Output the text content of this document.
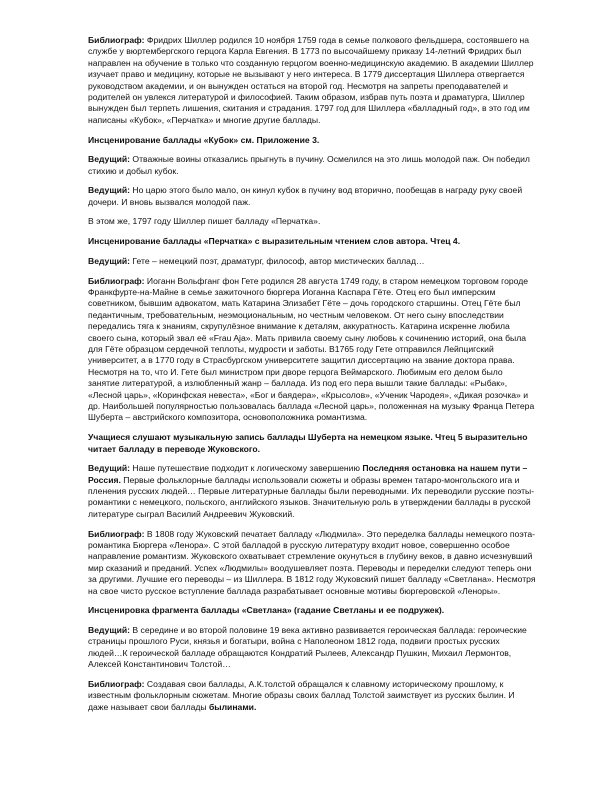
Библиограф: Фридрих Шиллер родился 10 ноября 1759 года в семье полкового фельдшера, состоявшего на службе у вюртембергского герцога Карла Евгения. В 1773 по высочайшему приказу 14-летний Фридрих был направлен на обучение в только что созданную герцогом военно-медицинскую академию. В академии Шиллер изучает право и медицину, которые не вызывают у него интереса. В 1779 диссертация Шиллера отвергается руководством академии, и он вынужден остаться на второй год. Несмотря на запреты преподавателей и родителей он увлекся литературой и философией. Таким образом, избрав путь поэта и драматурга, Шиллер вынужден был терпеть лишения, скитания и страдания. 1797 год для Шиллера «балладный год», в это год им написаны «Кубок», «Перчатка» и многие другие баллады.

Инсценирование баллады «Кубок» см. Приложение 3.

Ведущий: Отважные воины отказались прыгнуть в пучину. Осмелился на это лишь молодой паж. Он победил стихию и добыл кубок.

Ведущий: Но царю этого было мало, он кинул кубок в пучину вод вторично, пообещав в награду руку своей дочери. И вновь вызвался молодой паж.

В этом же, 1797 году Шиллер пишет балладу «Перчатка».

Инсценирование баллады «Перчатка» с выразительным чтением слов автора. Чтец 4.

Ведущий: Гете – немецкий поэт, драматург, философ, автор мистических баллад…

Библиограф: Иоганн Вольфганг фон Гете родился 28 августа 1749 году, в старом немецком торговом городе Франкфурте-на-Майне в семье зажиточного бюргера Иоганна Каспара Гёте. Отец его был имперским советником, бывшим адвокатом, мать Катарина Элизабет Гёте – дочь городского старшины. Отец Гёте был педантичным, требовательным, неэмоциональным, но честным человеком. От него сыну впоследствии передались тяга к знаниям, скрупулёзное внимание к деталям, аккуратность. Катарина искренне любила своего сына, который звал её «Frau Aja». Мать привила своему сыну любовь к сочинению историй, она была для Гёте образцом сердечной теплоты, мудрости и заботы. В1765 году Гете отправился Лейпцигский университет, а в 1770 году в Страсбургском университете защитил диссертацию на звание доктора права. Несмотря на то, что И. Гете был министром при дворе герцога Веймарского. Любимым его делом было занятие литературой, а излюбленный жанр – баллада. Из под его пера вышли такие баллады: «Рыбак», «Лесной царь», «Коринфская невеста», «Бог и баядера», «Крысолов», «Ученик Чародея», «Дикая розочка» и др. Наибольшей популярностью пользовалась баллада «Лесной царь», положенная на музыку Франца Петера Шуберта – австрийского композитора, основоположника романтизма.

Учащиеся слушают музыкальную запись баллады Шуберта на немецком языке. Чтец 5 выразительно читает балладу в переводе Жуковского.

Ведущий: Наше путешествие подходит к логическому завершению Последняя остановка на нашем пути – Россия. Первые фольклорные баллады использовали сюжеты и образы времен татаро-монгольского ига и пленения русских людей… Первые литературные баллады были переводными. Их переводили русские поэты-романтики с немецкого, польского, английского языков. Значительную роль в утверждении баллады в русской литературе сыграл Василий Андреевич Жуковский.

Библиограф: В 1808 году Жуковский печатает балладу «Людмила». Это переделка баллады немецкого поэта-романтика Бюргера «Ленора». С этой балладой в русскую литературу входит новое, совершенно особое направление романтизм. Жуковского охватывает стремление окунуться в глубину веков, в давно исчезнувший мир сказаний и преданий. Успех «Людмилы» воодушевляет поэта. Переводы и переделки следуют теперь они за другими. Лучшие его переводы – из Шиллера. В 1812 году Жуковский пишет балладу «Светлана». Несмотря на свое чисто русское вступление баллада разрабатывает основные мотивы бюргеровской «Леноры».

Инсценировка фрагмента баллады «Светлана» (гадание Светланы и ее подружек).

Ведущий: В середине и во второй половине 19 века активно развивается героическая баллада: героические страницы прошлого Руси, князья и богатыри, война с Наполеоном 1812 года, подвиги простых русских людей…К героической балладе обращаются Кондратий Рылеев, Александр Пушкин, Михаил Лермонтов, Алексей Константинович Толстой…

Библиограф: Создавая свои баллады, А.К.толстой обращался к славному историческому прошлому, к известным фольклорным сюжетам. Многие образы своих баллад Толстой заимствует из русских былин. И даже называет свои баллады былинами.
